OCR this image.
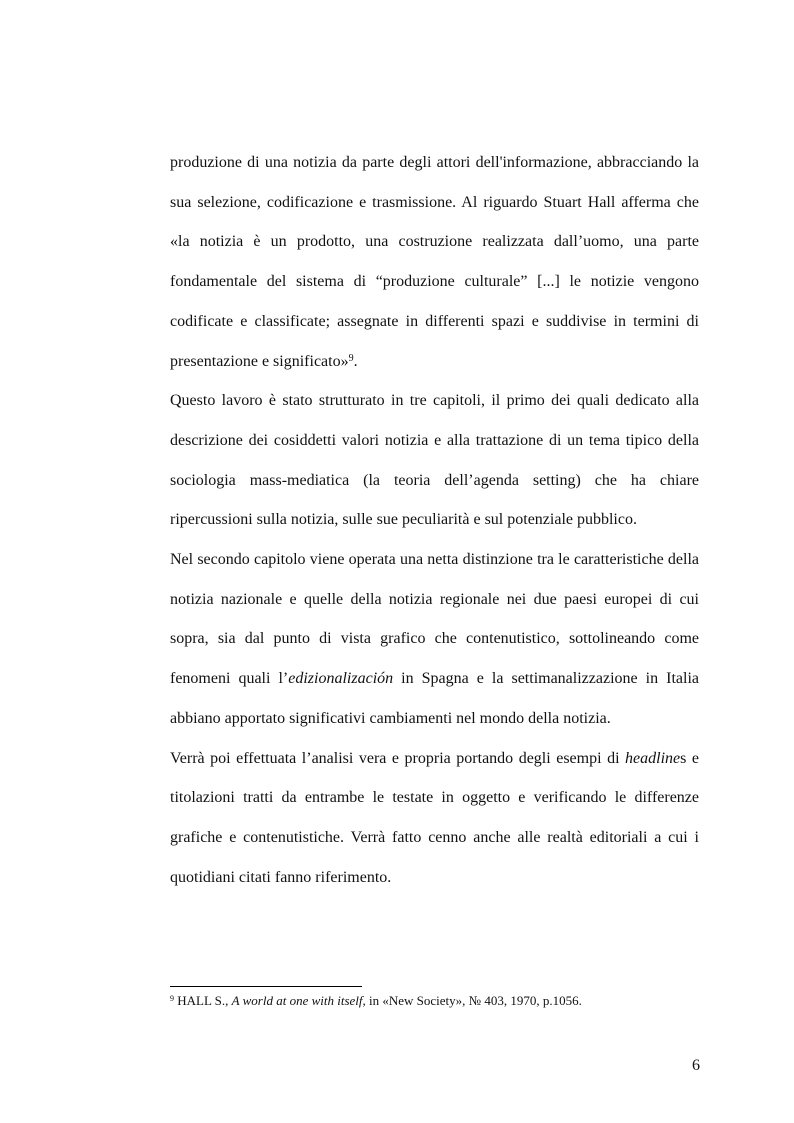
produzione di una notizia da parte degli attori dell'informazione, abbracciando la sua selezione, codificazione e trasmissione. Al riguardo Stuart Hall afferma che «la notizia è un prodotto, una costruzione realizzata dall’uomo, una parte fondamentale del sistema di “produzione culturale” [...] le notizie vengono codificate e classificate; assegnate in differenti spazi e suddivise in termini di presentazione e significato»$^9$.

Questo lavoro è stato strutturato in tre capitoli, il primo dei quali dedicato alla descrizione dei cosiddetti valori notizia e alla trattazione di un tema tipico della sociologia mass-mediatica (la teoria dell’agenda setting) che ha chiare ripercussioni sulla notizia, sulle sue peculiarità e sul potenziale pubblico.

Nel secondo capitolo viene operata una netta distinzione tra le caratteristiche della notizia nazionale e quelle della notizia regionale nei due paesi europei di cui sopra, sia dal punto di vista grafico che contenutistico, sottolineando come fenomeni quali l’edizionalización in Spagna e la settimanalizzazione in Italia abbiano apportato significativi cambiamenti nel mondo della notizia.

Verrà poi effettuata l’analisi vera e propria portando degli esempi di headlines e titolazioni tratti da entrambe le testate in oggetto e verificando le differenze grafiche e contenutistiche. Verrà fatto cenno anche alle realtà editoriali a cui i quotidiani citati fanno riferimento.

$^9$ HALL S., A world at one with itself, in «New Society», № 403, 1970, p.1056.
6
